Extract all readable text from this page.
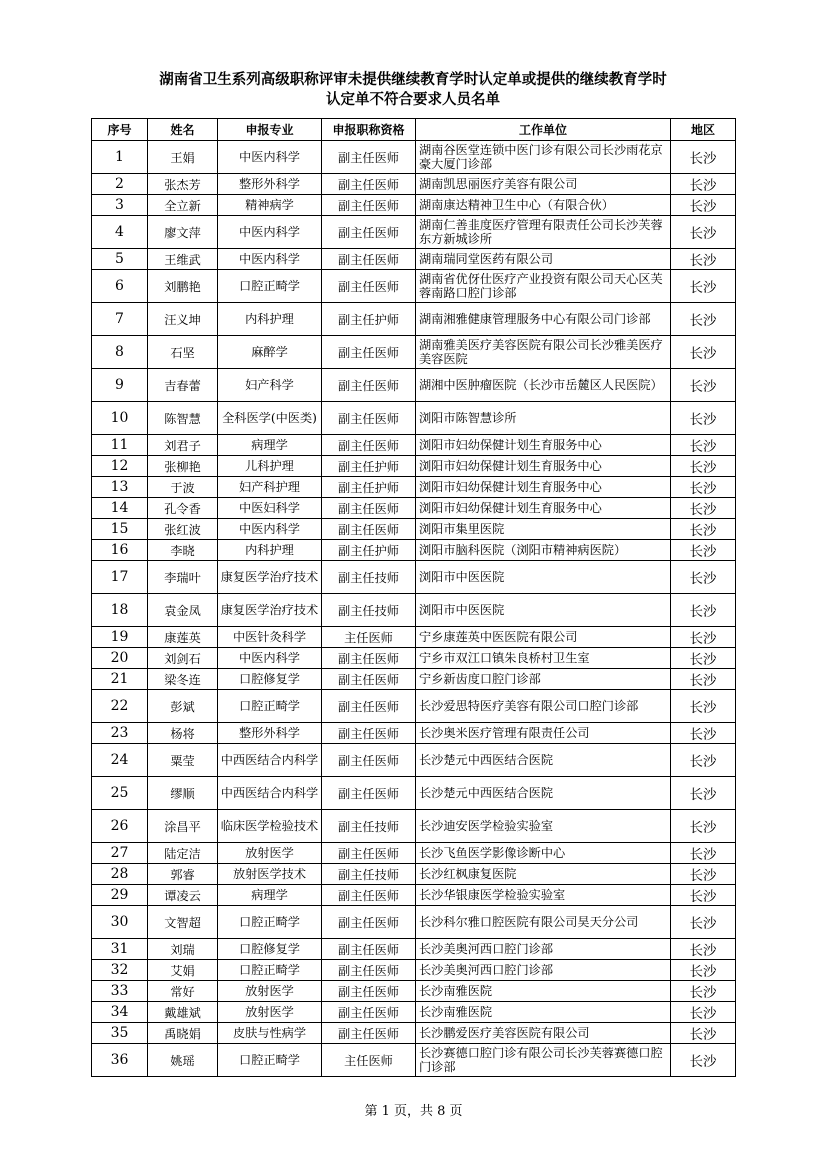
湖南省卫生系列高级职称评审未提供继续教育学时认定单或提供的继续教育学时
认定单不符合要求人员名单
序号	姓名	申报专业	申报职称资格	工作单位	地区
1	王娟	中医内科学	副主任医师	湖南谷医堂连锁中医门诊有限公司长沙雨花京豪大厦门诊部	长沙
2	张杰芳	整形外科学	副主任医师	湖南凯思丽医疗美容有限公司	长沙
3	全立新	精神病学	副主任医师	湖南康达精神卫生中心（有限合伙）	长沙
4	廖文萍	中医内科学	副主任医师	湖南仁善韭度医疗管理有限责任公司长沙芙蓉东方新城诊所	长沙
5	王维武	中医内科学	副主任医师	湖南瑞同堂医药有限公司	长沙
6	刘鹏艳	口腔正畸学	副主任医师	湖南省优伢仕医疗产业投资有限公司天心区芙蓉南路口腔门诊部	长沙
7	汪义坤	内科护理	副主任护师	湖南湘雅健康管理服务中心有限公司门诊部	长沙
8	石坚	麻醉学	副主任医师	湖南雅美医疗美容医院有限公司长沙雅美医疗美容医院	长沙
9	吉春蕾	妇产科学	副主任医师	湖湘中医肿瘤医院（长沙市岳麓区人民医院）	长沙
10	陈智慧	全科医学(中医类)	副主任医师	浏阳市陈智慧诊所	长沙
11	刘君子	病理学	副主任医师	浏阳市妇幼保健计划生育服务中心	长沙
12	张柳艳	儿科护理	副主任护师	浏阳市妇幼保健计划生育服务中心	长沙
13	于波	妇产科护理	副主任护师	浏阳市妇幼保健计划生育服务中心	长沙
14	孔令香	中医妇科学	副主任医师	浏阳市妇幼保健计划生育服务中心	长沙
15	张红波	中医内科学	副主任医师	浏阳市集里医院	长沙
16	李晓	内科护理	副主任护师	浏阳市脑科医院（浏阳市精神病医院）	长沙
17	李瑞叶	康复医学治疗技术	副主任技师	浏阳市中医医院	长沙
18	袁金凤	康复医学治疗技术	副主任技师	浏阳市中医医院	长沙
19	康莲英	中医针灸科学	主任医师	宁乡康莲英中医医院有限公司	长沙
20	刘剑石	中医内科学	副主任医师	宁乡市双江口镇朱良桥村卫生室	长沙
21	梁冬连	口腔修复学	副主任医师	宁乡新齿度口腔门诊部	长沙
22	彭斌	口腔正畸学	副主任医师	长沙爱思特医疗美容有限公司口腔门诊部	长沙
23	杨将	整形外科学	副主任医师	长沙奥米医疗管理有限责任公司	长沙
24	粟莹	中西医结合内科学	副主任医师	长沙楚元中西医结合医院	长沙
25	缪顺	中西医结合内科学	副主任医师	长沙楚元中西医结合医院	长沙
26	涂昌平	临床医学检验技术	副主任技师	长沙迪安医学检验实验室	长沙
27	陆定洁	放射医学	副主任医师	长沙飞鱼医学影像诊断中心	长沙
28	郭睿	放射医学技术	副主任技师	长沙红枫康复医院	长沙
29	谭凌云	病理学	副主任医师	长沙华银康医学检验实验室	长沙
30	文智超	口腔正畸学	副主任医师	长沙科尔雅口腔医院有限公司昊天分公司	长沙
31	刘瑞	口腔修复学	副主任医师	长沙美奥河西口腔门诊部	长沙
32	艾娟	口腔正畸学	副主任医师	长沙美奥河西口腔门诊部	长沙
33	常好	放射医学	副主任医师	长沙南雅医院	长沙
34	戴雄斌	放射医学	副主任医师	长沙南雅医院	长沙
35	禹晓娟	皮肤与性病学	副主任医师	长沙鹏爱医疗美容医院有限公司	长沙
36	姚瑶	口腔正畸学	主任医师	长沙赛德口腔门诊有限公司长沙芙蓉赛德口腔门诊部	长沙
第 1 页，共 8 页
